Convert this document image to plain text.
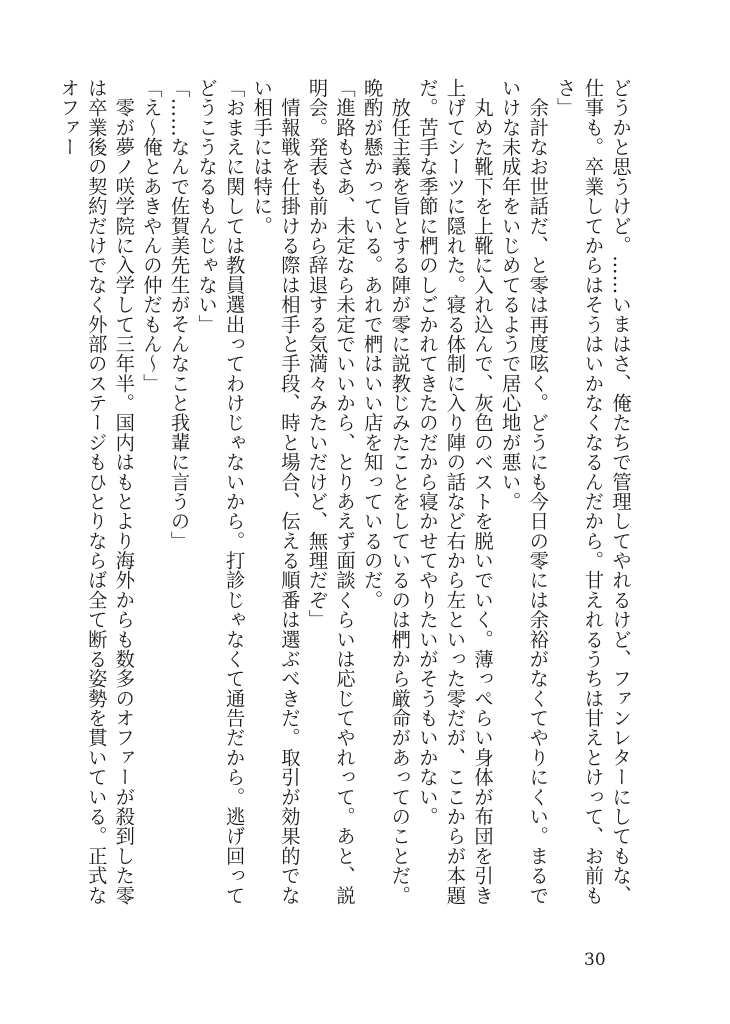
どうかと思うけど。……いまはさ、俺たちで管理してやれるけど、ファンレターにしてもな、仕事も。卒業してからはそうはいかなくなるんだから。甘えれるうちは甘えとけって、お前もさ」

　余計なお世話だ、と零は再度呟く。どうにも今日の零には余裕がなくてやりにくい。まるでいけな未成年をいじめてるようで居心地が悪い。

　丸めた靴下を上靴に入れ込んで、灰色のベストを脱いでいく。薄っぺらい身体が布団を引き上げてシーツに隠れた。寝る体制に入り陣の話など右から左といった零だが、ここからが本題だ。苦手な季節に椚のしごかれてきたのだから寝かせてやりたいがそうもいかない。

　放任主義を旨とする陣が零に説教じみたことをしているのは椚から厳命があってのことだ。晩酌が懸かっている。あれで椚はいい店を知っているのだ。

「進路もさあ、未定なら未定でいいから、とりあえず面談くらいは応じてやれって。あと、説明会。発表も前から辞退する気満々みたいだけど、無理だぞ」

　情報戦を仕掛ける際は相手と手段、時と場合、伝える順番は選ぶべきだ。取引が効果的でない相手には特に。

「おまえに関しては教員選出ってわけじゃないから。打診じゃなくて通告だから。逃げ回ってどうこうなるもんじゃない」

「……なんで佐賀美先生がそんなこと我輩に言うの」

「え〜俺とあきやんの仲だもん〜」

　零が夢ノ咲学院に入学して三年半。国内はもとより海外からも数多のオファーが殺到した零は卒業後の契約だけでなく外部のステージもひとりならば全て断る姿勢を貫いている。正式なオファー

30
